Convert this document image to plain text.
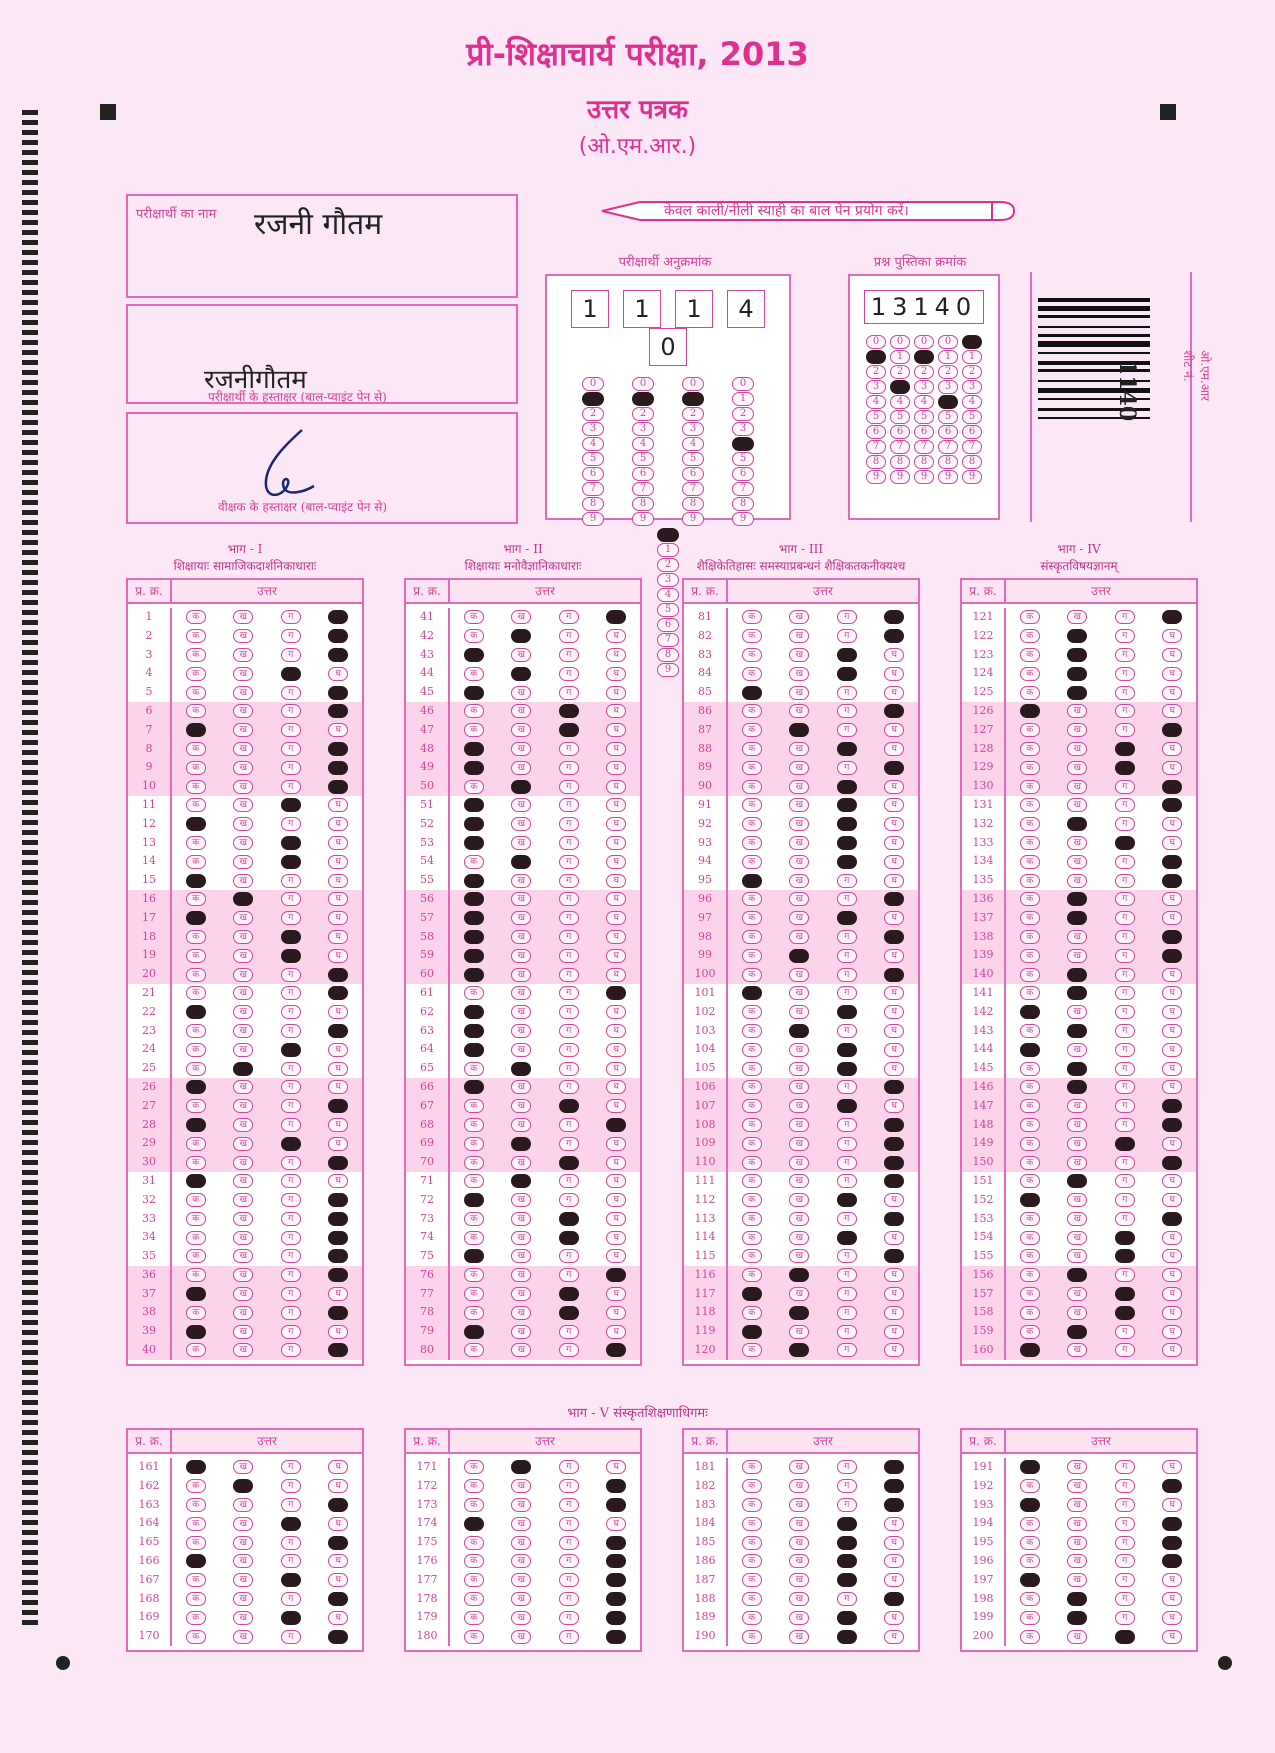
प्री-शिक्षाचार्य परीक्षा, 2013
उत्तर पत्रक
(ओ.एम.आर.)
परीक्षार्थी का नाम रजनी गौतम
रजनीगौतम
परीक्षार्थी के हस्ताक्षर (बाल-प्वाइंट पेन से)
वीक्षक के हस्ताक्षर (बाल-प्वाइंट पेन से)
केवल काली/नीली स्याही का बाल पेन प्रयोग करें।
परीक्षार्थी अनुक्रमांक
1 1 1 40
0
1
2
3
4
5
6
7
8
9
0
1
2
3
4
5
6
7
8
9
0
1
2
3
4
5
6
7
8
9
0
1
2
3
4
5
6
7
8
9
0
1
2
3
4
5
6
7
8
9
प्रश्न पुस्तिका क्रमांक
13140
0
1
2
3
4
5
6
7
8
9
0
1
2
3
4
5
6
7
8
9
0
1
2
3
4
5
6
7
8
9
0
1
2
3
4
5
6
7
8
9
0
1
2
3
4
5
6
7
8
9
1140	ओ.एम.आर शीट नं.
भाग - I
शिक्षायाः सामाजिकदार्शनिकाधाराः
प्र. क्र.	उत्तर
1	क	ख	ग	घ
2	क	ख	ग	घ
3	क	ख	ग	घ
4	क	ख	ग	घ
5	क	ख	ग	घ
6	क	ख	ग	घ
7	क	ख	ग	घ
8	क	ख	ग	घ
9	क	ख	ग	घ
10	क	ख	ग	घ
11	क	ख	ग	घ
12	क	ख	ग	घ
13	क	ख	ग	घ
14	क	ख	ग	घ
15	क	ख	ग	घ
16	क	ख	ग	घ
17	क	ख	ग	घ
18	क	ख	ग	घ
19	क	ख	ग	घ
20	क	ख	ग	घ
21	क	ख	ग	घ
22	क	ख	ग	घ
23	क	ख	ग	घ
24	क	ख	ग	घ
25	क	ख	ग	घ
26	क	ख	ग	घ
27	क	ख	ग	घ
28	क	ख	ग	घ
29	क	ख	ग	घ
30	क	ख	ग	घ
31	क	ख	ग	घ
32	क	ख	ग	घ
33	क	ख	ग	घ
34	क	ख	ग	घ
35	क	ख	ग	घ
36	क	ख	ग	घ
37	क	ख	ग	घ
38	क	ख	ग	घ
39	क	ख	ग	घ
40	क	ख	ग	घ
भाग - II
शिक्षायाः मनोवैज्ञानिकाधाराः
प्र. क्र.	उत्तर
41	क	ख	ग	घ
42	क	ख	ग	घ
43	क	ख	ग	घ
44	क	ख	ग	घ
45	क	ख	ग	घ
46	क	ख	ग	घ
47	क	ख	ग	घ
48	क	ख	ग	घ
49	क	ख	ग	घ
50	क	ख	ग	घ
51	क	ख	ग	घ
52	क	ख	ग	घ
53	क	ख	ग	घ
54	क	ख	ग	घ
55	क	ख	ग	घ
56	क	ख	ग	घ
57	क	ख	ग	घ
58	क	ख	ग	घ
59	क	ख	ग	घ
60	क	ख	ग	घ
61	क	ख	ग	घ
62	क	ख	ग	घ
63	क	ख	ग	घ
64	क	ख	ग	घ
65	क	ख	ग	घ
66	क	ख	ग	घ
67	क	ख	ग	घ
68	क	ख	ग	घ
69	क	ख	ग	घ
70	क	ख	ग	घ
71	क	ख	ग	घ
72	क	ख	ग	घ
73	क	ख	ग	घ
74	क	ख	ग	घ
75	क	ख	ग	घ
76	क	ख	ग	घ
77	क	ख	ग	घ
78	क	ख	ग	घ
79	क	ख	ग	घ
80	क	ख	ग	घ
भाग - III
शैक्षिकेतिहासः समस्याप्रबन्धनं शैक्षिकतकनीक्यश्च
प्र. क्र.	उत्तर
81	क	ख	ग	घ
82	क	ख	ग	घ
83	क	ख	ग	घ
84	क	ख	ग	घ
85	क	ख	ग	घ
86	क	ख	ग	घ
87	क	ख	ग	घ
88	क	ख	ग	घ
89	क	ख	ग	घ
90	क	ख	ग	घ
91	क	ख	ग	घ
92	क	ख	ग	घ
93	क	ख	ग	घ
94	क	ख	ग	घ
95	क	ख	ग	घ
96	क	ख	ग	घ
97	क	ख	ग	घ
98	क	ख	ग	घ
99	क	ख	ग	घ
100	क	ख	ग	घ
101	क	ख	ग	घ
102	क	ख	ग	घ
103	क	ख	ग	घ
104	क	ख	ग	घ
105	क	ख	ग	घ
106	क	ख	ग	घ
107	क	ख	ग	घ
108	क	ख	ग	घ
109	क	ख	ग	घ
110	क	ख	ग	घ
111	क	ख	ग	घ
112	क	ख	ग	घ
113	क	ख	ग	घ
114	क	ख	ग	घ
115	क	ख	ग	घ
116	क	ख	ग	घ
117	क	ख	ग	घ
118	क	ख	ग	घ
119	क	ख	ग	घ
120	क	ख	ग	घ
भाग - IV
संस्कृतविषयज्ञानम्
प्र. क्र.	उत्तर
121	क	ख	ग	घ
122	क	ख	ग	घ
123	क	ख	ग	घ
124	क	ख	ग	घ
125	क	ख	ग	घ
126	क	ख	ग	घ
127	क	ख	ग	घ
128	क	ख	ग	घ
129	क	ख	ग	घ
130	क	ख	ग	घ
131	क	ख	ग	घ
132	क	ख	ग	घ
133	क	ख	ग	घ
134	क	ख	ग	घ
135	क	ख	ग	घ
136	क	ख	ग	घ
137	क	ख	ग	घ
138	क	ख	ग	घ
139	क	ख	ग	घ
140	क	ख	ग	घ
141	क	ख	ग	घ
142	क	ख	ग	घ
143	क	ख	ग	घ
144	क	ख	ग	घ
145	क	ख	ग	घ
146	क	ख	ग	घ
147	क	ख	ग	घ
148	क	ख	ग	घ
149	क	ख	ग	घ
150	क	ख	ग	घ
151	क	ख	ग	घ
152	क	ख	ग	घ
153	क	ख	ग	घ
154	क	ख	ग	घ
155	क	ख	ग	घ
156	क	ख	ग	घ
157	क	ख	ग	घ
158	क	ख	ग	घ
159	क	ख	ग	घ
160	क	ख	ग	घ
भाग - V संस्कृतशिक्षणाधिगमः
प्र. क्र.	उत्तर
161	क	ख	ग	घ
162	क	ख	ग	घ
163	क	ख	ग	घ
164	क	ख	ग	घ
165	क	ख	ग	घ
166	क	ख	ग	घ
167	क	ख	ग	घ
168	क	ख	ग	घ
169	क	ख	ग	घ
170	क	ख	ग	घ
प्र. क्र.	उत्तर
171	क	ख	ग	घ
172	क	ख	ग	घ
173	क	ख	ग	घ
174	क	ख	ग	घ
175	क	ख	ग	घ
176	क	ख	ग	घ
177	क	ख	ग	घ
178	क	ख	ग	घ
179	क	ख	ग	घ
180	क	ख	ग	घ
प्र. क्र.	उत्तर
181	क	ख	ग	घ
182	क	ख	ग	घ
183	क	ख	ग	घ
184	क	ख	ग	घ
185	क	ख	ग	घ
186	क	ख	ग	घ
187	क	ख	ग	घ
188	क	ख	ग	घ
189	क	ख	ग	घ
190	क	ख	ग	घ
प्र. क्र.	उत्तर
191	क	ख	ग	घ
192	क	ख	ग	घ
193	क	ख	ग	घ
194	क	ख	ग	घ
195	क	ख	ग	घ
196	क	ख	ग	घ
197	क	ख	ग	घ
198	क	ख	ग	घ
199	क	ख	ग	घ
200	क	ख	ग	घ
